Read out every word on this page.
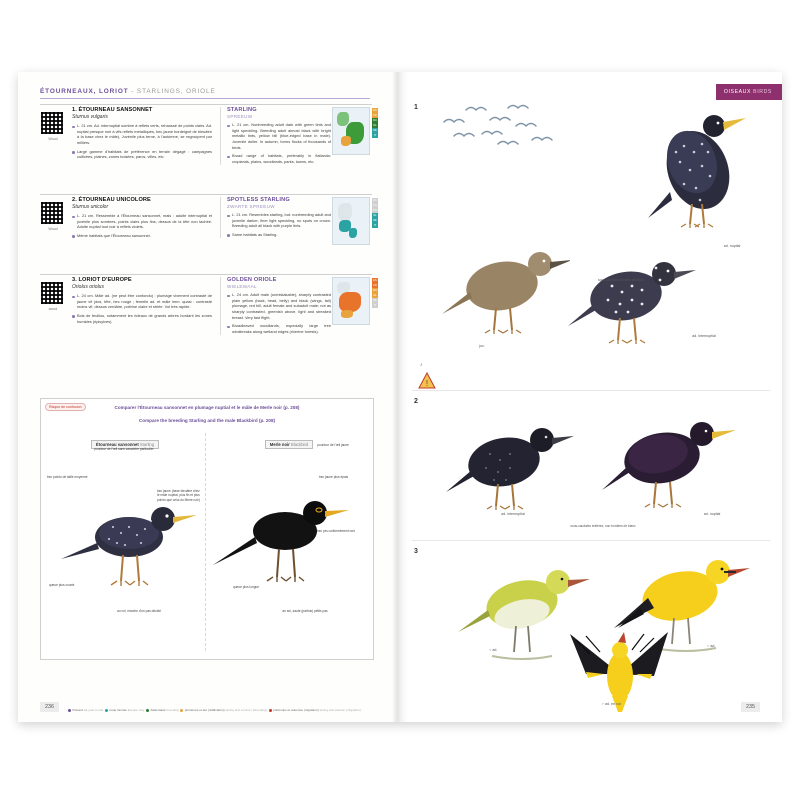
ÉTOURNEAUX, LORIOT - STARLINGS, ORIOLE
Wood
1. ÉTOURNEAU SANSONNET
Sturnus vulgaris
L. 21 cm. Ad. internuptial sombre à reflets verts, rehaussé de points clairs. Ad. nuptial presque noir à vifs reflets métalliques, bec jaune bordeigné de bleuâtre à la base chez le mâle), Juvénile plus terne, à l'automne, se regroupent par milliers.
Large gamme d'habitats de préférence en terrain dégagé : campagnes cultivées, plaines, zones boisées, parcs, villes, etc.
STARLING
SPREEUW
L. 21 cm. Nonbreeding adult dark with green tints and light speckling. Breeding adult almost black with bright metallic tints, yellow bill (blue-edged base in male). Juvenile duller. In autumn, forms flocks of thousands of birds.
Broad range of habitats, preferably in flatlands: croplands, plains, woodlands, parks, towns, etc.
ES
FR
RU
NL
DE
IT
Wood
2. ÉTOURNEAU UNICOLORE
Sturnus unicolor
L. 21 cm. Ressemble à l'Étourneau sansonnet, mais : adulte internuptial et juvénile plus sombres, points clairs plus fins, dessus de la tête non tachée. Adulte nuptial tout noir à reflets violets.
Même habitats que l'Étourneau sansonnet.
SPOTLESS STARLING
ZWARTE SPREEUW
L. 21 cm. Resembles starling, but: nonbreeding adult and juvenile darker, finer light speckling, no spots on crown. Breeding adult all black with purple tints.
Same habitats as Starling.
ES
FR
RU
NL
DE
IT
wood
3. LORIOT D'EUROPE
Oriolus oriolus
L. 24 cm. Mâle ad. (ne peut être confondu) : plumage vivement contrasté de jaune vif (dos, tête, bec rouge ; femelle ad. et mâle imm. quasi : contrasté moins vif, dessus verdâtre, poitrine claire et striée. Vol très rapide.
Bois de feuillus, notamment les rideaux de grands arbres bordant les zones humides (ripisylves).
GOLDEN ORIOLE
WIELEWAAL
L. 24 cm. Adult male (unmistakable), sharply contrasted plain yellow (back, head, belly) and black (wings, tail) plumage, red bill, adult female and subadult male: not as sharply contrasted, greenish above, light and streaked breast. Very fast flight.
Broadleaved woodlands, especially large tree windbreaks along wetland edges (riverine forests).
ES
FR
RU
NL
DE
IT
Risque de confusion	Comparer l'Étourneau sansonnet en plumage nuptial et le mâle de Merle noir (p. 208)
Compare the breeding Starling and the male Blackbird (p. 208)
Étourneau sansonnet Starling
pourtour de l'œil sans caractère particulier
bec pointu de taille moyenne
bec jaune (base bleuâtre chez le mâle nuptial, plus fin et plus pointu que celui du Merle noir)
queue plus courte
au vol, marche d'un pas décidé
Merle noir Blackbird	pourtour de l'œil jaune
bec jaune plus épais
bec peu uniformément noir
queue plus longue
au sol, saute (parfois) petits pas
Présent all-year-round toute l'année Europe only Sédentaire breeding printemps et été (nidification) spring and summer (breeding) printemps et automne (migration) spring and autumn (migration)
236
OISEAUX BIRDS
1
ad. nuptial
juv.
ad. internuptial
sous-caudales bordées de blanc
♪
!
2
ad. internuptial	ad. nuptial
sous-caudales entières, non bordées de blanc
3
♀ ad.
♂ ad.
♂ ad. en vol	235
